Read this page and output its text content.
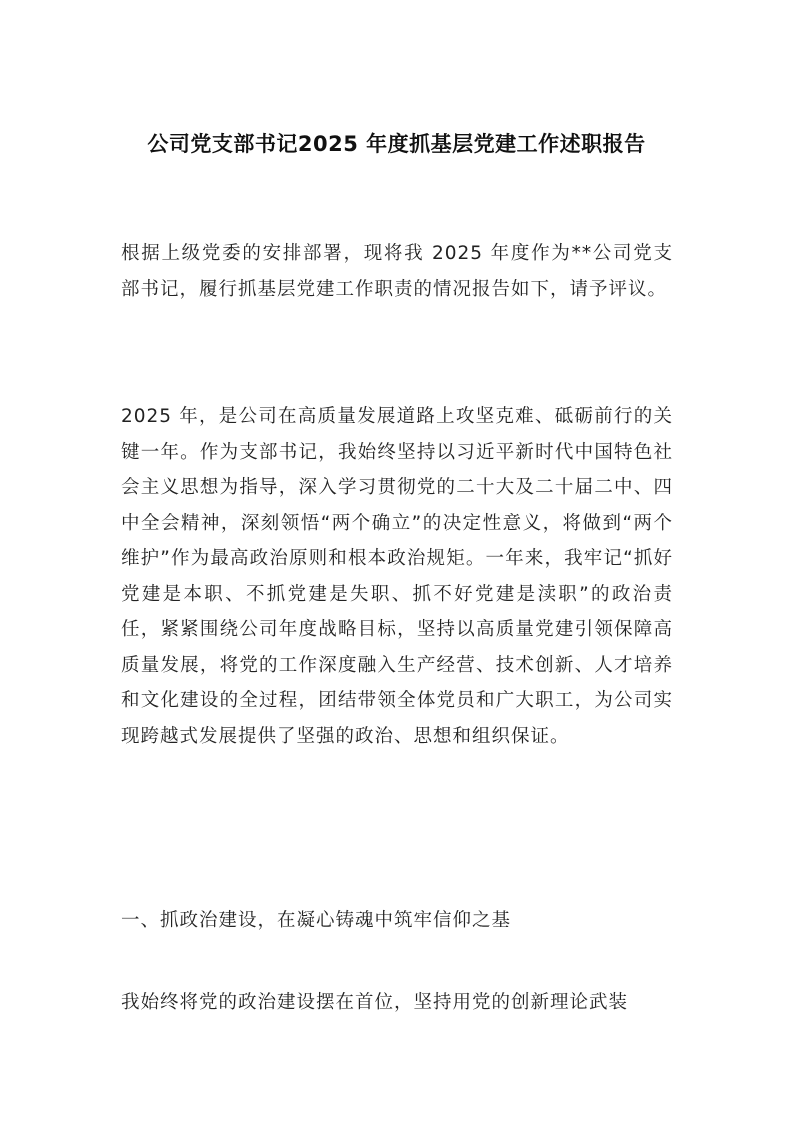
公司党支部书记2025 年度抓基层党建工作述职报告

根据上级党委的安排部署，现将我 2025 年度作为**公司党支部书记，履行抓基层党建工作职责的情况报告如下，请予评议。

2025 年，是公司在高质量发展道路上攻坚克难、砥砺前行的关键一年。作为支部书记，我始终坚持以习近平新时代中国特色社会主义思想为指导，深入学习贯彻党的二十大及二十届二中、四中全会精神，深刻领悟“两个确立”的决定性意义，将做到“两个维护”作为最高政治原则和根本政治规矩。一年来，我牢记“抓好党建是本职、不抓党建是失职、抓不好党建是渎职”的政治责任，紧紧围绕公司年度战略目标，坚持以高质量党建引领保障高质量发展，将党的工作深度融入生产经营、技术创新、人才培养和文化建设的全过程，团结带领全体党员和广大职工，为公司实现跨越式发展提供了坚强的政治、思想和组织保证。

一、抓政治建设，在凝心铸魂中筑牢信仰之基

我始终将党的政治建设摆在首位，坚持用党的创新理论武装
